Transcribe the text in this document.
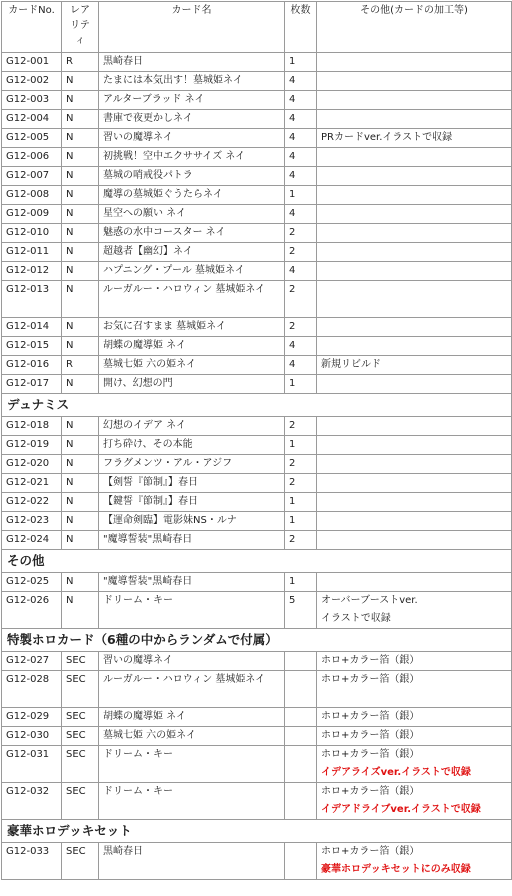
カードNo.	レアリティ	カード名	枚数	その他(カードの加工等)
G12-001	R	黒崎春日	1	
G12-002	N	たまには本気出す！墓城姫ネイ	4	
G12-003	N	アルターブラッド ネイ	4	
G12-004	N	書庫で夜更かしネイ	4	
G12-005	N	習いの魔導ネイ	4	PRカードver.イラストで収録

G12-006	N	初挑戦！空中エクササイズ ネイ	4	
G12-007	N	墓城の哨戒役パトラ	4	
G12-008	N	魔導の墓城姫ぐうたらネイ	1	
G12-009	N	星空への願い ネイ	4	
G12-010	N	魅惑の水中コースター ネイ	2	
G12-011	N	超越者【幽幻】ネイ	2	
G12-012	N	ハプニング・プール 墓城姫ネイ	4	
G12-013	N	ルーガルー・ハロウィン 墓城姫ネイ	2	
G12-014	N	お気に召すまま 墓城姫ネイ	2	
G12-015	N	胡蝶の魔導姫 ネイ	4	
G12-016	R	墓城七姫 六の姫ネイ	4	新規リビルド

G12-017	N	開け、幻想の門	1	
デュナミス				
G12-018	N	幻想のイデア ネイ	2	
G12-019	N	打ち砕け、その本能	1	
G12-020	N	フラグメンツ・アル・アジフ	2	
G12-021	N	【剣誓『節制』】春日	2	
G12-022	N	【鍵誓『節制』】春日	1	
G12-023	N	【運命剣臨】電影妹NS・ルナ	1	
G12-024	N	"魔導誓装"黒崎春日	2	
その他				
G12-025	N	"魔導誓装"黒崎春日	1	
G12-026	N	ドリーム・キー	5	オーバーブーストver.
イラストで収録

特製ホロカード（6種の中からランダムで付属）				
G12-027	SEC	習いの魔導ネイ		ホロ+カラー箔（銀）

G12-028	SEC	ルーガルー・ハロウィン 墓城姫ネイ		ホロ+カラー箔（銀）

G12-029	SEC	胡蝶の魔導姫 ネイ		ホロ+カラー箔（銀）

G12-030	SEC	墓城七姫 六の姫ネイ		ホロ+カラー箔（銀）

G12-031	SEC	ドリーム・キー		ホロ+カラー箔（銀）
イデアライズver.イラストで収録

G12-032	SEC	ドリーム・キー		ホロ+カラー箔（銀）
イデアドライブver.イラストで収録

豪華ホロデッキセット				
G12-033	SEC	黒崎春日		ホロ+カラー箔（銀）
豪華ホロデッキセットにのみ収録
